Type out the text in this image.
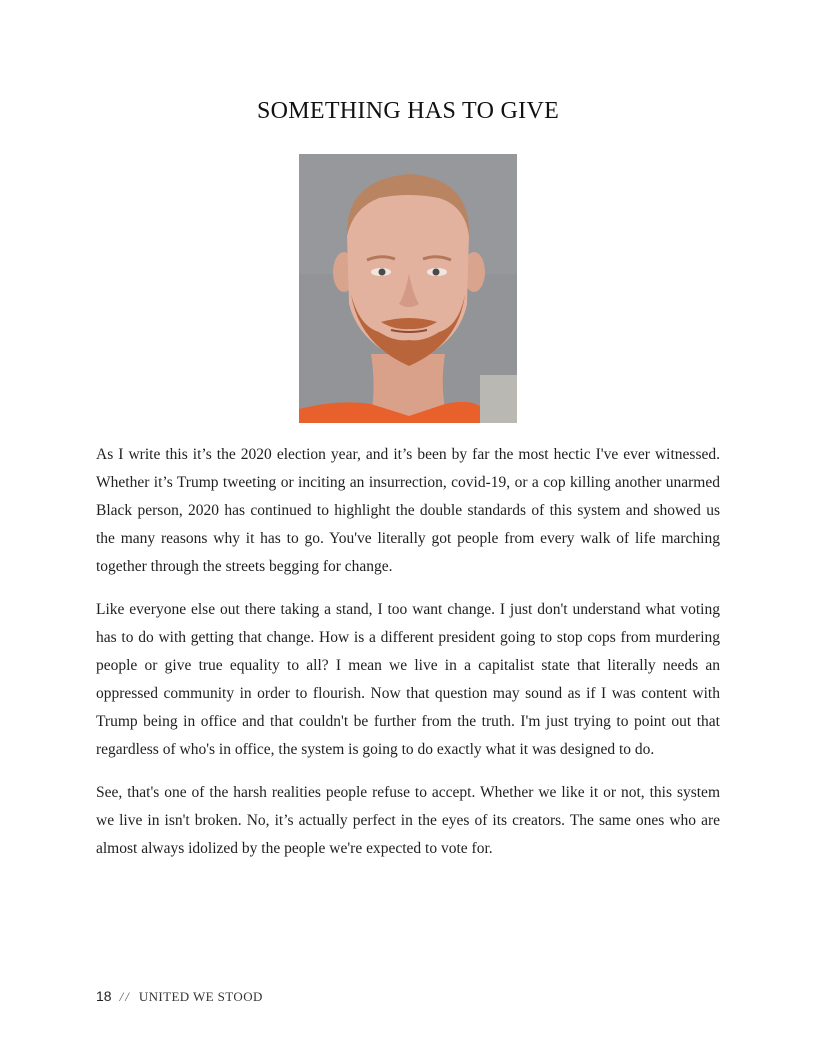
SOMETHING HAS TO GIVE

As I write this it’s the 2020 election year, and it’s been by far the most hectic I've ever witnessed. Whether it’s Trump tweeting or inciting an insurrection, covid-19, or a cop killing another unarmed Black person, 2020 has continued to highlight the double standards of this system and showed us the many reasons why it has to go. You've literally got people from every walk of life marching together through the streets begging for change.

Like everyone else out there taking a stand, I too want change. I just don't understand what voting has to do with getting that change. How is a different president going to stop cops from murdering people or give true equality to all? I mean we live in a capitalist state that literally needs an oppressed community in order to flourish. Now that question may sound as if I was content with Trump being in office and that couldn't be further from the truth. I'm just trying to point out that regardless of who's in office, the system is going to do exactly what it was designed to do.

See, that's one of the harsh realities people refuse to accept. Whether we like it or not, this system we live in isn't broken. No, it’s actually perfect in the eyes of its creators. The same ones who are almost always idolized by the people we're expected to vote for.

18 // UNITED WE STOOD
